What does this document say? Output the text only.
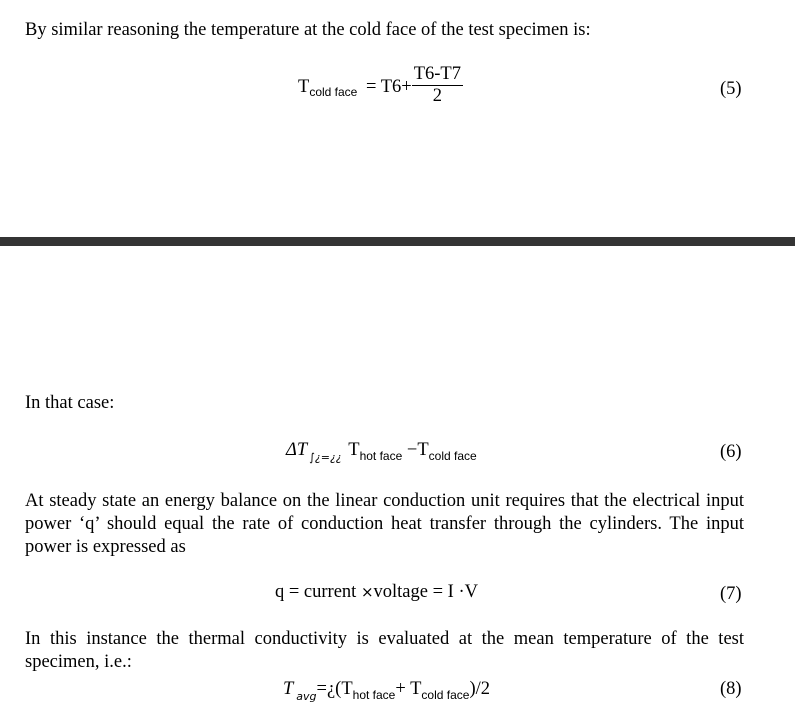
By similar reasoning the temperature at the cold face of the test specimen is:
$T_{cold face} = T6+ \frac{T6-T7}{2}$	(5)
In that case:
ΔT $_{\int¿=¿¿}$ $T_{hot face} -T_{cold face}$	(6)
At steady state an energy balance on the linear conduction unit requires that the electrical input power ‘q’ should equal the rate of conduction heat transfer through the cylinders. The input power is expressed as
q = current ×voltage = I ·V	(7)
In this instance the thermal conductivity is evaluated at the mean temperature of the test specimen, i.e.:
T $_{avg}=¿(T_{hot face}+ T_{cold face})/2$	(8)
